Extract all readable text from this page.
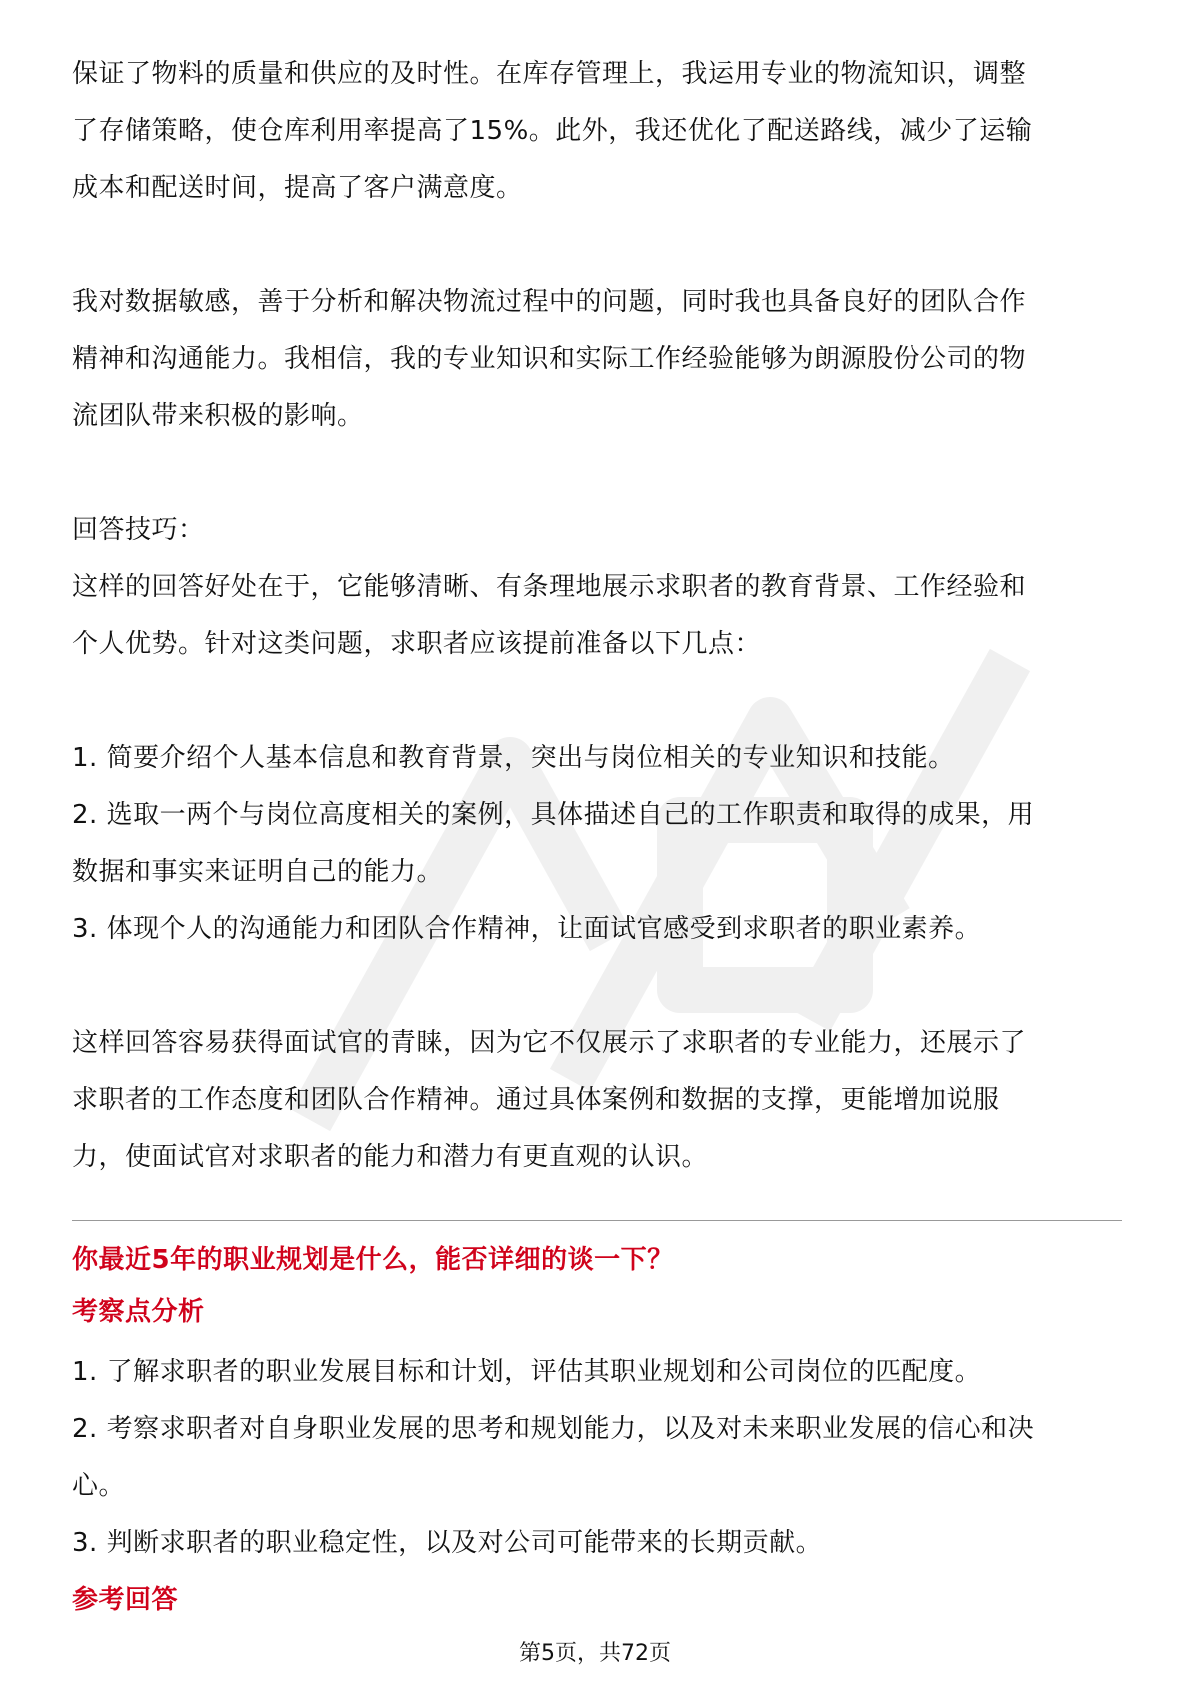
保证了物料的质量和供应的及时性。在库存管理上，我运用专业的物流知识，调整

了存储策略，使仓库利用率提高了15%。此外，我还优化了配送路线，减少了运输

成本和配送时间，提高了客户满意度。

我对数据敏感，善于分析和解决物流过程中的问题，同时我也具备良好的团队合作

精神和沟通能力。我相信，我的专业知识和实际工作经验能够为朗源股份公司的物

流团队带来积极的影响。

回答技巧：

这样的回答好处在于，它能够清晰、有条理地展示求职者的教育背景、工作经验和

个人优势。针对这类问题，求职者应该提前准备以下几点：

1. 简要介绍个人基本信息和教育背景，突出与岗位相关的专业知识和技能。

2. 选取一两个与岗位高度相关的案例，具体描述自己的工作职责和取得的成果，用

数据和事实来证明自己的能力。

3. 体现个人的沟通能力和团队合作精神，让面试官感受到求职者的职业素养。

这样回答容易获得面试官的青睐，因为它不仅展示了求职者的专业能力，还展示了

求职者的工作态度和团队合作精神。通过具体案例和数据的支撑，更能增加说服

力，使面试官对求职者的能力和潜力有更直观的认识。

你最近5年的职业规划是什么，能否详细的谈一下？

考察点分析

1. 了解求职者的职业发展目标和计划，评估其职业规划和公司岗位的匹配度。

2. 考察求职者对自身职业发展的思考和规划能力，以及对未来职业发展的信心和决

心。

3. 判断求职者的职业稳定性，以及对公司可能带来的长期贡献。

参考回答

第5页，共72页
